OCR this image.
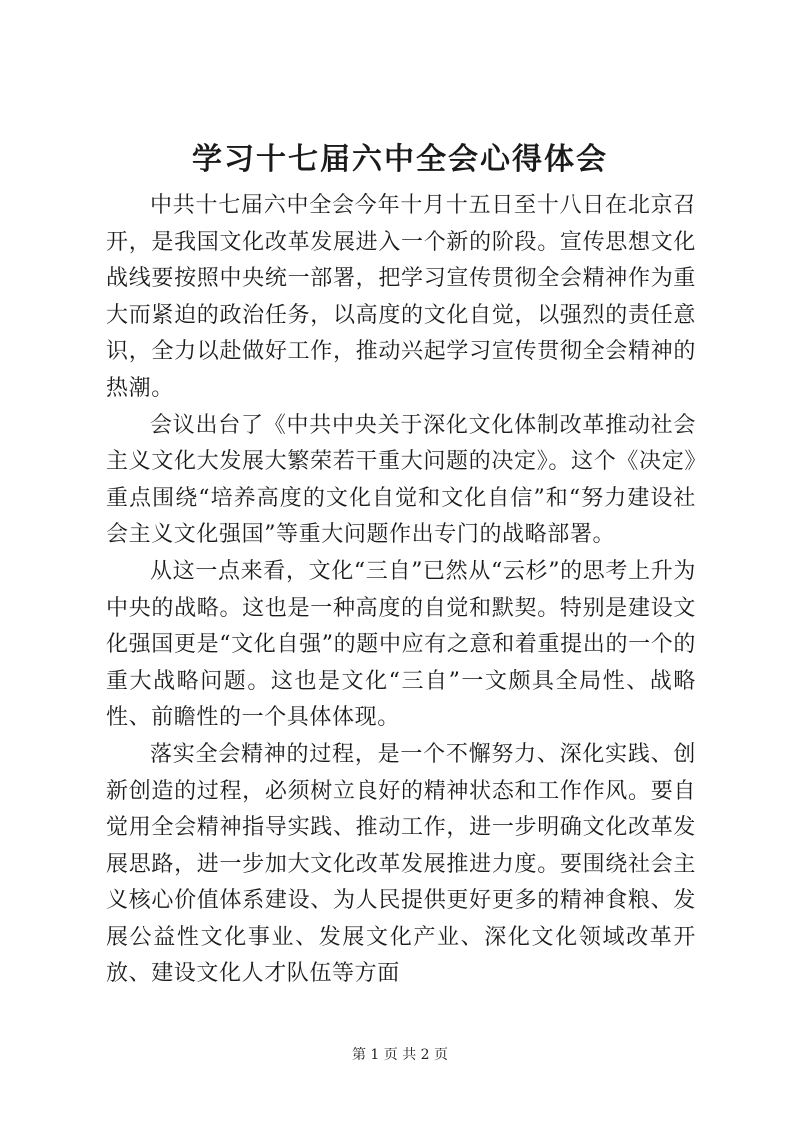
学习十七届六中全会心得体会

中共十七届六中全会今年十月十五日至十八日在北京召开，是我国文化改革发展进入一个新的阶段。宣传思想文化战线要按照中央统一部署，把学习宣传贯彻全会精神作为重大而紧迫的政治任务，以高度的文化自觉，以强烈的责任意识，全力以赴做好工作，推动兴起学习宣传贯彻全会精神的热潮。

会议出台了《中共中央关于深化文化体制改革推动社会主义文化大发展大繁荣若干重大问题的决定》。这个《决定》重点围绕“培养高度的文化自觉和文化自信”和“努力建设社会主义文化强国”等重大问题作出专门的战略部署。

从这一点来看，文化“三自”已然从“云杉”的思考上升为中央的战略。这也是一种高度的自觉和默契。特别是建设文化强国更是“文化自强”的题中应有之意和着重提出的一个的重大战略问题。这也是文化“三自”一文颇具全局性、战略性、前瞻性的一个具体体现。

落实全会精神的过程，是一个不懈努力、深化实践、创新创造的过程，必须树立良好的精神状态和工作作风。要自觉用全会精神指导实践、推动工作，进一步明确文化改革发展思路，进一步加大文化改革发展推进力度。要围绕社会主义核心价值体系建设、为人民提供更好更多的精神食粮、发展公益性文化事业、发展文化产业、深化文化领域改革开放、建设文化人才队伍等方面

第 1 页 共 2 页
